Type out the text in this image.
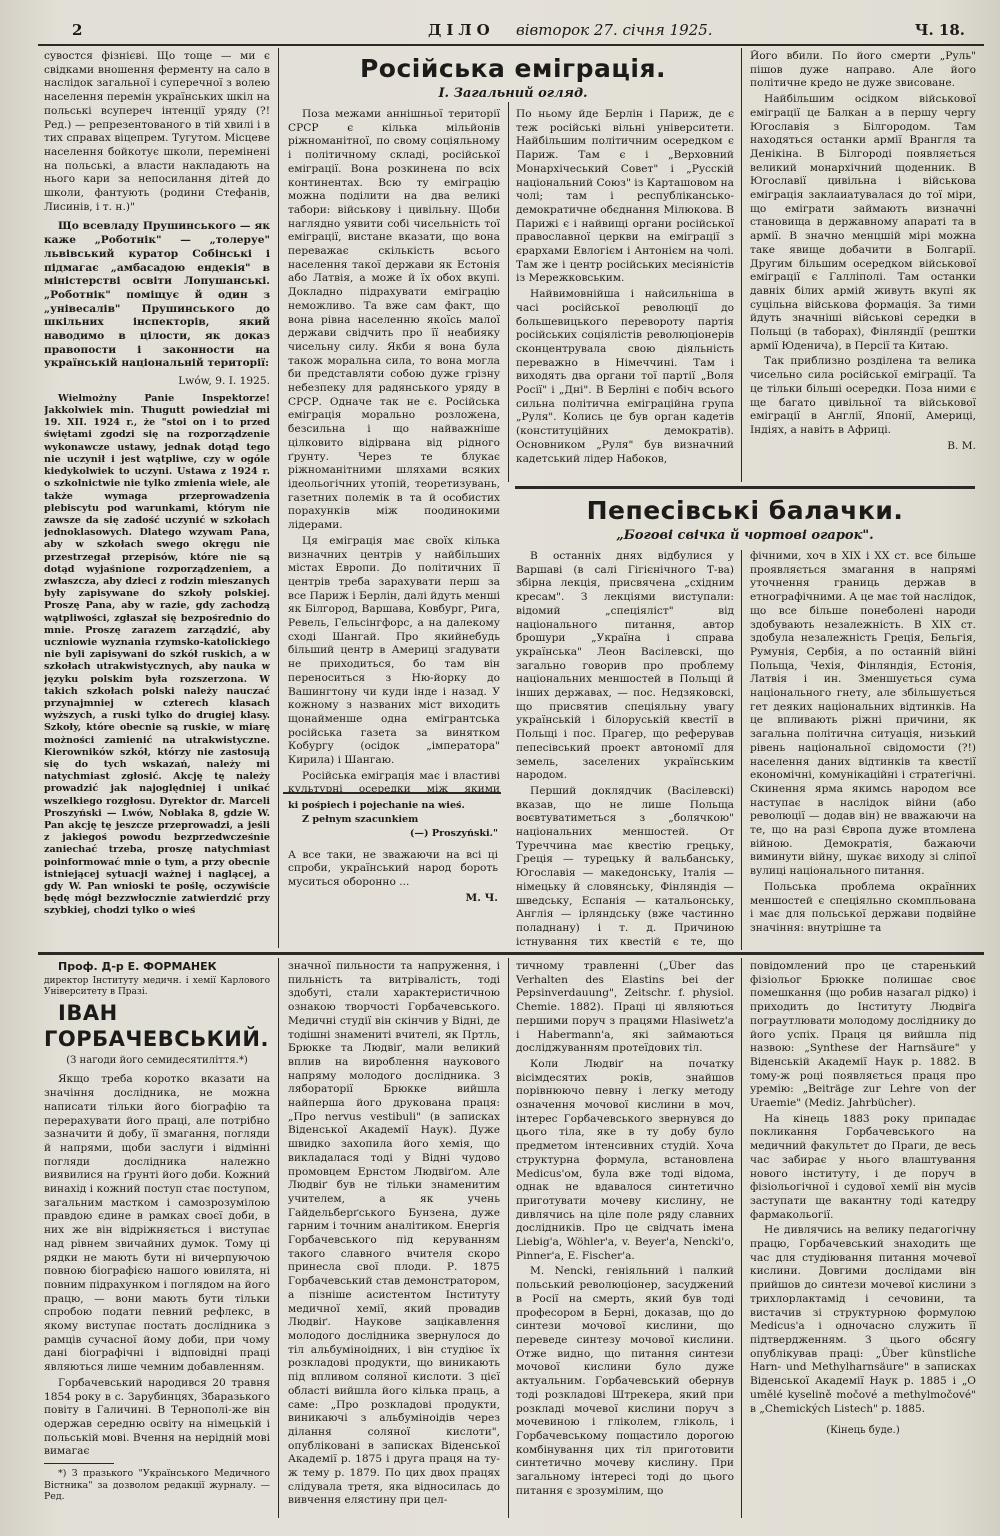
2	ДІЛО вівторок 27. січня 1925.	Ч. 18.

сувостся фізнієві. Що тоще — ми є свідками вношення ферменту на сало в наслідок загальної і суперечної з волею населення перемін українських шкіл на польські всупереч інтенції уряду (?! Ред.) — репрезентованого в тій хвилі і в тих справах віцепрем. Тугутом. Місцеве населення бойкотує школи, перемінені на польські, а власти накладають на нього кари за непосилання дітей до школи, фантують (родини Стефанів, Лисинів, і т. н.)"

Що всевладу Прушинського — як каже „Роботнік" — „толеруе" львівський куратор Собінські і підмагає „амбасадою ендекія" в міністерстві освіти Лопушанські. „Роботнік" поміщує й один з „унівесалів" Прушинського до шкільних інспекторів, який наводимо в цілости, як доказ правопости і законности на українській національній території:

Lwów, 9. I. 1925.

Wielmożny Panie Inspektorze! Jakkolwiek min. Thugutt powiedział mi 19. XII. 1924 r., że "stoi on i to przed świętami zgodzi się na rozporządzenie wykonawcze ustawy, jednak dotąd tego nie uczynił i jest wątpliwe, czy w ogóle kiedykolwiek to uczyni. Ustawa z 1924 r. o szkolnictwie nie tylko zmienia wiele, ale także wymaga przeprowadzenia plebiscytu pod warunkami, którym nie zawsze da się zadość uczynić w szkołach jednoklasowych. Dlatego wzywam Pana, aby w szkołach swego okręgu nie przestrzegał przepisów, które nie są dotąd wyjaśnione rozporządzeniem, a zwłaszcza, aby dzieci z rodzin mieszanych były zapisywane do szkoły polskiej. Proszę Pana, aby w razie, gdy zachodzą wątpliwości, zgłaszał się bezpośrednio do mnie. Proszę zarazem zarządzić, aby uczniowie wyznania rzymsko-katolickiego nie byli zapisywani do szkół ruskich, a w szkołach utrakwistycznych, aby nauka w języku polskim była rozszerzona. W takich szkołach polski należy nauczać przynajmniej w czterech klasach wyższych, a ruski tylko do drugiej klasy. Szkoły, które obecnie są ruskie, w miarę możności zamienić na utrakwistyczne. Kierowników szkół, którzy nie zastosują się do tych wskazań, należy mi natychmiast zgłosić. Akcję tę należy prowadzić jak najoględniej i unikać wszelkiego rozgłosu. Dyrektor dr. Marceli Proszyński — Lwów, Noblaka 8, gdzie W. Pan akcję tę jeszcze przeprowadzi, a jeśli z jakiegoś powodu bezprzedwcześnie zaniechać trzeba, proszę natychmiast poinformować mnie o tym, a przy obecnie istniejącej sytuacji ważnej i naglącej, a gdy W. Pan wnioski te poślę, oczywiście będę mógł bezzwłocznie zatwierdzić przy szybkiej, chodzi tylko o wieś

ki pośpiech i pojechanie na wieś.

Z pełnym szacunkiem

(—) Proszyński."

А все таки, не зважаючи на всі ці спроби, український народ бороть муситься оборонно ...

М. Ч.

Російська еміграція.
І. Загальний огляд.

Поза межами аннішньої території СРСР є кілька мільйонів ріжноманітної, по свому соціяльному і політичному складі, російської еміграції. Вона розкинена по всіх континентах. Всю ту еміграцію можна поділити на два великі табори: військову і цивільну. Щоби наглядно уявити собі чисельність тої еміграції, вистане вказати, що вона переважає скількість всього населення такої держави як Естонія або Латвія, а може й їх обох вкупі. Докладно підрахувати еміграцію неможливо. Та вже сам факт, що вона рівна населенню якоїсь малої держави свідчить про її неабияку чисельну силу. Якби я вона була також моральна сила, то вона могла би представляти собою дуже грізну небезпеку для радянського уряду в СРСР. Одначе так не є. Російська еміграція морально розложена, безсильна і що найважніше цілковито відірвана від рідного ґрунту. Через те блукає ріжноманітними шляхами всяких ідеольогічних утопій, теоретизувань, газетних полемік в та й особистих порахунків між поодинокими лідерами.

Ця еміграція має своїх кілька визначних центрів у найбільших містах Европи. До політичних її центрів треба зарахувати перш за все Париж і Берлін, далі йдуть менші як Білгород, Варшава, Ковбург, Рига, Ревель, Гельсінгфорс, а на далекому сході Шангай. Про якийнебудь більший центр в Америці згадувати не приходиться, бо там він переноситься з Ню-йорку до Вашингтону чи куди інде і назад. У кожному з названих міст виходить щонайменше одна емігрантська російська газета за винятком Кобургу (осідок „імператора" Кирила) і Шангаю.

Російська еміграція має і властиві культурні осередки між якими

По ньому йде Берлін і Париж, де є теж російські вільні університети. Найбільшим політичним осередком є Париж. Там є і „Верховний Монархічеський Совет" і „Русскій національний Союз" із Карташовом на чолі; там і республіканськo-демократичне обєднання Мілюкова. В Парижі є і найвищі органи російської православної церкви на еміграції з єрархами Евлогієм і Антонієм на чолі. Там же і центр російських месіяністів із Мережковським.

Найвимовнійша і найсильніша в часі російської революції до большевицького перевороту партія російських соціялістів революціонерів сконцентрувала свою діяльність переважно в Німеччині. Там і виходять два органи тої партії „Воля Росії" і „Дні". В Берліні є побіч всього сильна політична еміграційна група „Руля". Колись це був орган кадетів (конституційних демократів). Основником „Руля" був визначний кадетський лідер Набоков,

Його вбили. По його смерти „Руль" пішов дуже направо. Але його політичне кредо не дуже звисоване.

Найбільшим осідком військової еміграції це Балкан а в першу чергу Югославія з Білгородом. Там находяться останки армії Врангля та Денікіна. В Білгороді появляється великий монархічний щоденник. В Югославії цивільна і військова еміграція заклаиатувалася до тої міри, що еміграти займають визначні становища в державному апараті та в армії. В значно менцшій мірі можна таке явище добачити в Болгарії. Другим більшим осередком військової еміграції є Галліполі. Там останки давніх білих армій живуть вкупі як суцільна військова формація. За тими йдуть значніші військові середки в Польщі (в таборах), Фінляндії (рештки армії Юденича), в Персії та Китаю.

Так приблизно розділена та велика чисельно сила російської еміграції. Та це тільки більші осередки. Поза ними є ще багато цивільної та військової еміграції в Англії, Японії, Америці, Індіях, а навіть в Африці.

В. М.

Пепесівські балачки.
„Богові свічка й чортові огарок".

В останніх днях відбулися у Варшаві (в салі Гігієнічного Т-ва) збірна лекція, присвячена „східним кресам". З лекціями виступали: відомий „спеціяліст" від національного питання, автор брошури „Україна і справа українська" Леон Васілевскі, що загально говорив про проблему національних меншостей в Польщі й інших державах, — пос. Недзяковскі, що присвятив спеціяльну увагу українській і білоруській квестії в Польщі і пос. Прагер, що реферував пепесівський проект автономії для земель, заселених українським народом.

Перший доклядчик (Васілевскі) вказав, що не лише Польща воєвтуватиметься з „болячкою" національних меншостей. От Туреччина має квестію грецьку, Греція — турецьку й вальбанську, Югославія — македонську, Італія — німецьку й словянську, Фінляндія — шведську, Еспанія — катальонську, Англія — ірляндську (вже частинно поладнану) і т. д. Причиною істнування тих квестій є те, що

фічними, хоч в XIX і XX ст. все більше проявляється змагання в напрямі уточнення границь держав в етнографічними. А це має той наслідок, що все більше понеболені народи здобувають незалежність. В XIX ст. здобула незалежність Греція, Бельгія, Румунія, Сербія, а по останній війні Польща, Чехія, Фінляндія, Естонія, Латвія і ин. Зменшується сума національного гнету, але збільшується гет деяких національних відтинків. На це впливають ріжні причини, як загальна політична ситуація, низький рівень національної свідомости (?!) населення даних відтинків та квестії економічні, комунікаційні і стратегічні. Скинення ярма якимсь народом все наступає в наслідок війни (або революції — додав він) не вважаючи на те, що на разі Європа дуже втомлена війною. Демократія, бажаючи виминути війну, шукає виходу зі сліпої вулиці національного питання.

Польська проблема окраїнних меншостей є спеціяльно скомпльована і має для польської держави подвійне значіння: внутрішне та

Проф. Д-р Е. ФОРМАНЕК

директор Інституту медичн. і хемії Карлового Університету в Празі.

ІВАН ГОРБАЧЕВСЬКИЙ.

(З нагоди його семидесятиліття.*)

Якщо треба коротко вказати на значіння дослідника, не можна написати тільки його біографію та перерахувати його праці, але потрібно зазначити й добу, її змагання, погляди й напрями, щоби заслуги і відмінні погляди дослідника належно виявилися на ґрунті його доби. Кожний винахід і кожний поступ стає поступом, загальним мастком і самозрозумілою правдою єдине в рамках своєї доби, в них же він відріжняється і виступає над рівнем звичайних думок. Тому ці рядки не мають бути ні вичерпуючою повною біографією нашого ювилята, ні повним підрахунком і поглядом на його працю, — вони мають бути тільки спробою подати певний рефлекс, в якому виступає постать дослідника з рамців сучасної йому доби, при чому дані біографічні і відповідні праці являються лише чемним добавленням.

Горбачевський народився 20 травня 1854 року в с. Зарубинцях, Збаразького повіту в Галичині. В Тернополі-же він одержав середню освіту на німецькій і польській мові. Вчення на нерідній мові вимагає

*) З празького "Українського Медичного Вістника" за дозволом редакції журналу. — Ред.

значної пильности та напруження, і пильність та витріваліcть, тоді здобуті, стали характеристичною ознакою творчості Горбачевського. Медичні студії він скінчив у Відні, де тодішні знамениті вчителі, як Пртль, Брюкке та Людвіґ, мали великий вплив на вироблення наукового напряму молодого дослідника. З лябораторії Брюкке вийшла найперша його друкована праця: „Про nervus vestibuli" (в записках Віденської Академії Наук). Дуже швидко захопила його хемія, що викладалася тоді у Відні чудово промовцем Ернстом Людвіґом. Але Людвіґ був не тільки знаменитим учителем, а як учень Гайдельберґського Бунзена, дуже гарним і точним аналітиком. Енергія Горбачевського під керуванням такого славного вчителя скоро принесла свої плоди. Р. 1875 Горбачевський став демонстратором, а пізніше асистентом Інституту медичної хемії, який провадив Людвіґ. Наукове зацікавлення молодого дослідника звернулося до тіл альбуміноідних, і він студіює їх розкладові продукти, що виникають під впливом соляної кислоти. З цієї області вийшла його кілька праць, а саме: „Про розкладові продукти, виникаючі з альбуміноідів через ділання соляної кислоти", опубліковані в записках Віденської Академії р. 1875 і друга праця на ту-ж тему р. 1879. По цих двох працях слідувала третя, яка відносилась до вивчення елястину при цел-

тичному травленні („Über das Verhalten des Elastins bei der Pepsinverdauung", Zeitschr. f. physiol. Chemie. 1882). Праці ці являються першими поруч з працями Hlasiwetz'a і Habermann'a, які займаються досліджуванням протеїдових тіл.

Коли Людвіґ на початку вісімдесятих років, знайшов порівнюючо певну і легку методу означення мочової кислини в моч, інтерес Горбачевського звернувся до цього тіла, яке в ту добу було предметом інтенсивних студій. Хоча структурна формула, встановлена Medicus'ом, була вже тоді відома, однак не вдавалося синтетично приготувати мочеву кислину, не дивлячись на ціле поле ряду славних дослідників. Про це свідчать імена Liebig'a, Wöhler'a, v. Beyer'a, Nencki'o, Pinner'a, E. Fischer'a.

M. Nencki, геніяльний і палкий польський революціонер, засуджений в Росії на смерть, який був тоді професором в Берні, доказав, що до синтези мочової кислини, що переведе синтезу мочової кислини. Отже видно, що питання синтези мочової кислини було дуже актуальним. Горбачевський обернув тоді розкладові Штрекера, який при розкладі мочевої кислини поруч з мочевиною і гліколем, гліколь, і Горбачевському пощастило дорогою комбінування цих тіл приготовити синтетично мочеву кислину. При загальному інтересі тоді до цього питання є зрозумілим, що

повідомлений про це старенький фізіольог Брюкке полишає своє помешкання (що робив назагал рідко) і приходить до Інституту Людвіґа пограутлювати молодому досліднику до його успіх. Праця ця вийшла під назвою: „Synthese der Harnsäure" у Віденській Академії Наук р. 1882. В тому-ж році появляється праця про уремію: „Beiträge zur Lehre von der Uraemie" (Mediz. Jahrbücher).

На кінець 1883 року припадає покликання Горбачевського на медичний факультет до Праги, де весь час забирає у нього влаштування нового інституту, і де поруч в фізіольогічної і судової хемії він мусів заступати ще вакантну тоді катедру фармакольогії.

Не дивлячись на велику педагогічну працю, Горбачевський знаходить ще час для студіювання питання мочевої кислини. Довгими дослідами він прийшов до синтези мочевої кислини з трихлорлактамід і сечовини, та вистачив зі структурною формулою Medicus'a і одночасно служить її підтвердженням. З цього обсягу опублікував праці: „Über künstliche Harn- und Methylharnsäure" в записках Віденської Академії Наук р. 1885 і „O umělé kyselině močové a methylmočové" в „Chemických Listech" р. 1885.

(Кінець буде.)
